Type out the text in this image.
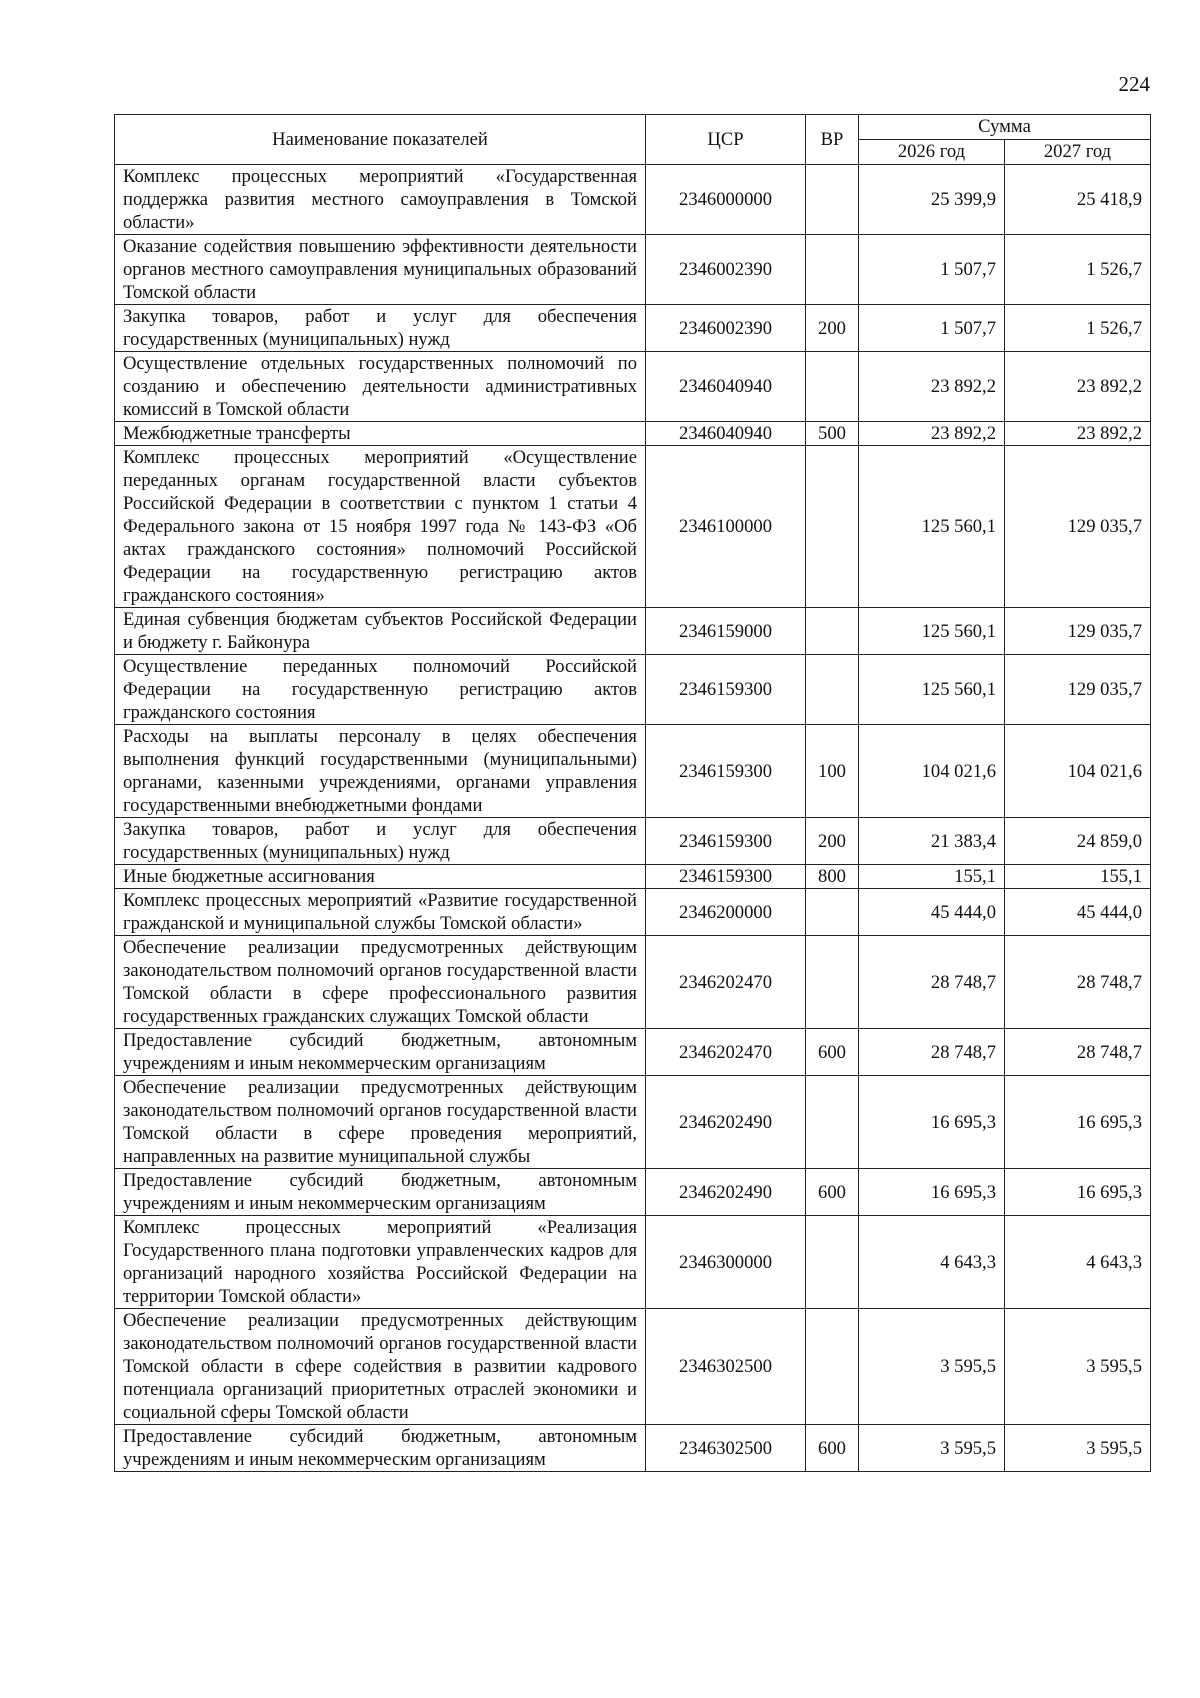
224
Наименование показателей	ЦСР	ВР	Сумма	
			2026 год	2027 год
Комплекс процессных мероприятий «Государственная поддержка развития местного самоуправления в Томской области»	2346000000		25 399,9	25 418,9
Оказание содействия повышению эффективности деятельности органов местного самоуправления муниципальных образований Томской области	2346002390		1 507,7	1 526,7
Закупка товаров, работ и услуг для обеспечения государственных (муниципальных) нужд	2346002390	200	1 507,7	1 526,7
Осуществление отдельных государственных полномочий по созданию и обеспечению деятельности административных комиссий в Томской области	2346040940		23 892,2	23 892,2
Межбюджетные трансферты	2346040940	500	23 892,2	23 892,2
Комплекс процессных мероприятий «Осуществление переданных органам государственной власти субъектов Российской Федерации в соответствии с пунктом 1 статьи 4 Федерального закона от 15 ноября 1997 года № 143-ФЗ «Об актах гражданского состояния» полномочий Российской Федерации на государственную регистрацию актов гражданского состояния»	2346100000		125 560,1	129 035,7
Единая субвенция бюджетам субъектов Российской Федерации и бюджету г. Байконура	2346159000		125 560,1	129 035,7
Осуществление переданных полномочий Российской Федерации на государственную регистрацию актов гражданского состояния	2346159300		125 560,1	129 035,7
Расходы на выплаты персоналу в целях обеспечения выполнения функций государственными (муниципальными) органами, казенными учреждениями, органами управления государственными внебюджетными фондами	2346159300	100	104 021,6	104 021,6
Закупка товаров, работ и услуг для обеспечения государственных (муниципальных) нужд	2346159300	200	21 383,4	24 859,0
Иные бюджетные ассигнования	2346159300	800	155,1	155,1
Комплекс процессных мероприятий «Развитие государственной гражданской и муниципальной службы Томской области»	2346200000		45 444,0	45 444,0
Обеспечение реализации предусмотренных действующим законодательством полномочий органов государственной власти Томской области в сфере профессионального развития государственных гражданских служащих Томской области	2346202470		28 748,7	28 748,7
Предоставление субсидий бюджетным, автономным учреждениям и иным некоммерческим организациям	2346202470	600	28 748,7	28 748,7
Обеспечение реализации предусмотренных действующим законодательством полномочий органов государственной власти Томской области в сфере проведения мероприятий, направленных на развитие муниципальной службы	2346202490		16 695,3	16 695,3
Предоставление субсидий бюджетным, автономным учреждениям и иным некоммерческим организациям	2346202490	600	16 695,3	16 695,3
Комплекс процессных мероприятий «Реализация Государственного плана подготовки управленческих кадров для организаций народного хозяйства Российской Федерации на территории Томской области»	2346300000		4 643,3	4 643,3
Обеспечение реализации предусмотренных действующим законодательством полномочий органов государственной власти Томской области в сфере содействия в развитии кадрового потенциала организаций приоритетных отраслей экономики и социальной сферы Томской области	2346302500		3 595,5	3 595,5
Предоставление субсидий бюджетным, автономным учреждениям и иным некоммерческим организациям	2346302500	600	3 595,5	3 595,5
